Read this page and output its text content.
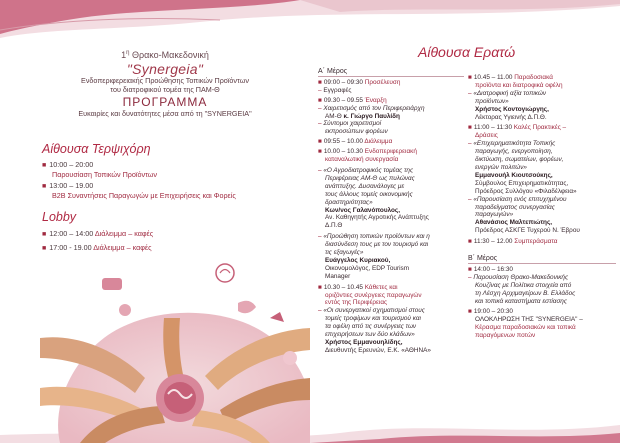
$1^\eta$ Θρακο-Μακεδονική
"Synergeia"
Ενδοπεριφερειακής Προώθησης Τοπικών Προϊόντων
του διατροφικού τομέα της ΠΑΜ-Θ
ΠΡΟΓΡΑΜΜΑ
Ευκαιρίες και δυνατότητες μέσα από τη "SYNERGEIA"
Αίθουσα Τερψιχόρη
■ 10:00 – 20:00
Παρουσίαση Τοπικών Προϊόντων
■ 13:00 – 19.00
B2B Συναντήσεις Παραγωγών με Επιχειρήσεις και Φορείς
Lobby
■ 12:00 – 14:00 Διάλειμμα – καφές
■ 17:00 - 19.00 Διάλειμμα – καφές
Αίθουσα Ερατώ
Α΄ Μέρος
■ 09:00 – 09:30 Προσέλευση
– Εγγραφές
■ 09.30 – 09.55 Έναρξη
– Χαιρετισμός από τον Περιφερειάρχη
ΑΜ-Θ κ. Γιώργο Παυλίδη
– Σύντομοι χαιρετισμοί
εκπροσώπων φορέων
■ 09:55 – 10.00 Διάλειμμα
■ 10.00 – 10.30 Ενδοπεριφερειακή
καταναλωτική συνεργασία
– «Ο Αγροδιατροφικός τομέας της
Περιφέρειας ΑΜ-Θ ως πυλώνας
ανάπτυξης. Δυσανάλογες με
τους άλλους τομείς οικονομικής
δραστηριότητας»
Κων/νος Γαλανόπουλος,
Αν. Καθηγητής Αγροτικής Ανάπτυξης
Δ.Π.Θ
– «Προώθηση τοπικών προϊόντων και η
διασύνδεση τους με τον τουρισμό και
τις εξαγωγές»
Ευάγγελος Κυριακού,
Οικονομολόγος, EDP Tourism
Manager
■ 10.30 – 10.45 Κάθετες και
οριζόντιες συνέργειες παραγωγών
εντός της Περιφέρειας
– «Οι συνεργατικοί σχηματισμοί στους
τομείς τροφίμων και τουρισμού και
τα οφέλη από τις συνέργειες των
επιχειρήσεων των δύο κλάδων»
Χρήστος Εμμανουηλίδης,
Διευθυντής Ερευνών, Ε.Κ. «ΑΘΗΝΑ»
■ 10.45 – 11.00 Παραδοσιακά
προϊόντα και διατροφικά οφέλη
– «Διατροφική αξία τοπικών
προϊόντων»
Χρήστος Κοντογιώργης,
Λέκτορας Υγιεινής Δ.Π.Θ.
■ 11:00 – 11:30 Καλές Πρακτικές –
Δράσεις
– «Επιχειρηματικότητα Τοπικής
παραγωγής, ενεργοποίηση,
δικτύωση, σωματείων, φορέων,
ενεργών πολιτών»
Εμμανουήλ Κιουτσούκης,
Σύμβουλος Επιχειρηματικότητας,
Πρόεδρος Συλλόγου «Φιλαδέλφεια»
– «Παρουσίαση ενός επιτυχημένου
παραδείγματος συνεργασίας
παραγωγών»
Αθανάσιος Μαλτεπιώτης,
Πρόεδρος ΑΣΚΓΕ Τυχερού Ν. Έβρου
■ 11:30 – 12.00 Συμπεράσματα
Β΄ Μέρος
■ 14:00 – 16:30
– Παρουσίαση Θρακο-Μακεδονικής
Κουζίνας με Πολίτικα στοιχεία από
τη Λέσχη Αρχιμαγείρων Β. Ελλάδος
και τοπικά καταστήματα εστίασης
■ 19:00 – 20:30
ΟΛΟΚΛΗΡΩΣΗ ΤΗΣ "SYNERGEIA" –
Κέρασμα παραδοσιακών και τοπικά
παραγόμενων ποτών
